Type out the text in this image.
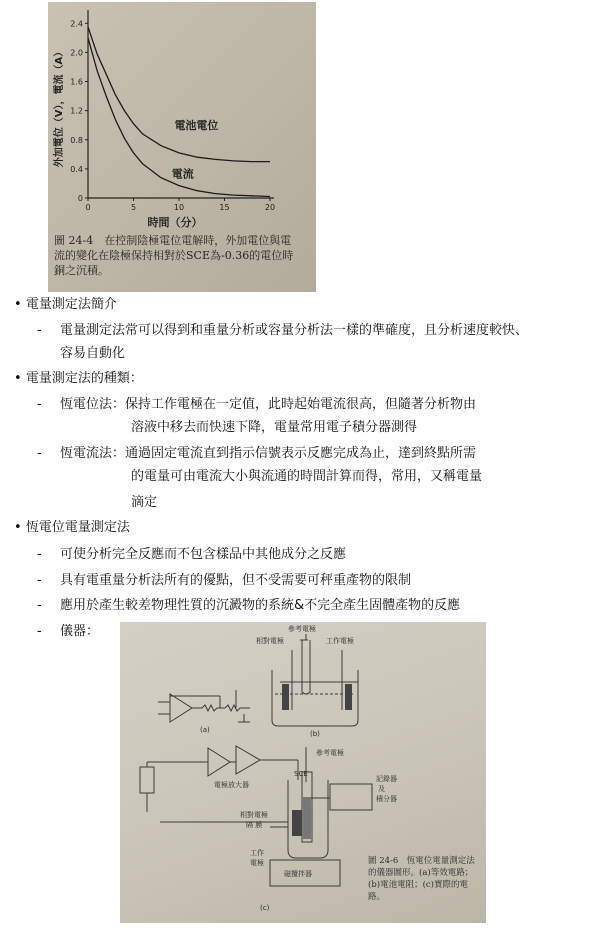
0
0.4
0.8
1.2
1.6
2.0
2.4
0	5	10	15	20
時間（分）
外加電位（V），電流（A）	電池電位
電流
圖 24-4　在控制陰極電位電解時，外加電位與電
流的變化在陰極保持相對於SCE為-0.36的電位時
銅之沉積。
• 電量測定法簡介
- 電量測定法常可以得到和重量分析或容量分析法一樣的準確度，且分析速度較快、
容易自動化
• 電量測定法的種類：
- 恆電位法：保持工作電極在一定值，此時起始電流很高，但隨著分析物由
溶液中移去而快速下降，電量常用電子積分器測得
- 恆電流法：通過固定電流直到指示信號表示反應完成為止，達到終點所需
的電量可由電流大小與流通的時間計算而得，常用，又稱電量
滴定
• 恆電位電量測定法
- 可使分析完全反應而不包含樣品中其他成分之反應
- 具有電重量分析法所有的優點，但不受需要可秤重產物的限制
- 應用於產生較差物理性質的沉澱物的系統&不完全產生固體產物的反應
- 儀器：
相對電極
參考電極
工作電極
(a)	(b)
參考電極
SCE
記錄器
及
積分器
電極放大器
相對電極
隔 膜
工作
電極
磁攪拌器
(c)
圖 24-6　恆電位電量測定法
的儀器圖形。(a)等效電路；
(b)電池電阻；(c)實際的電
路。
